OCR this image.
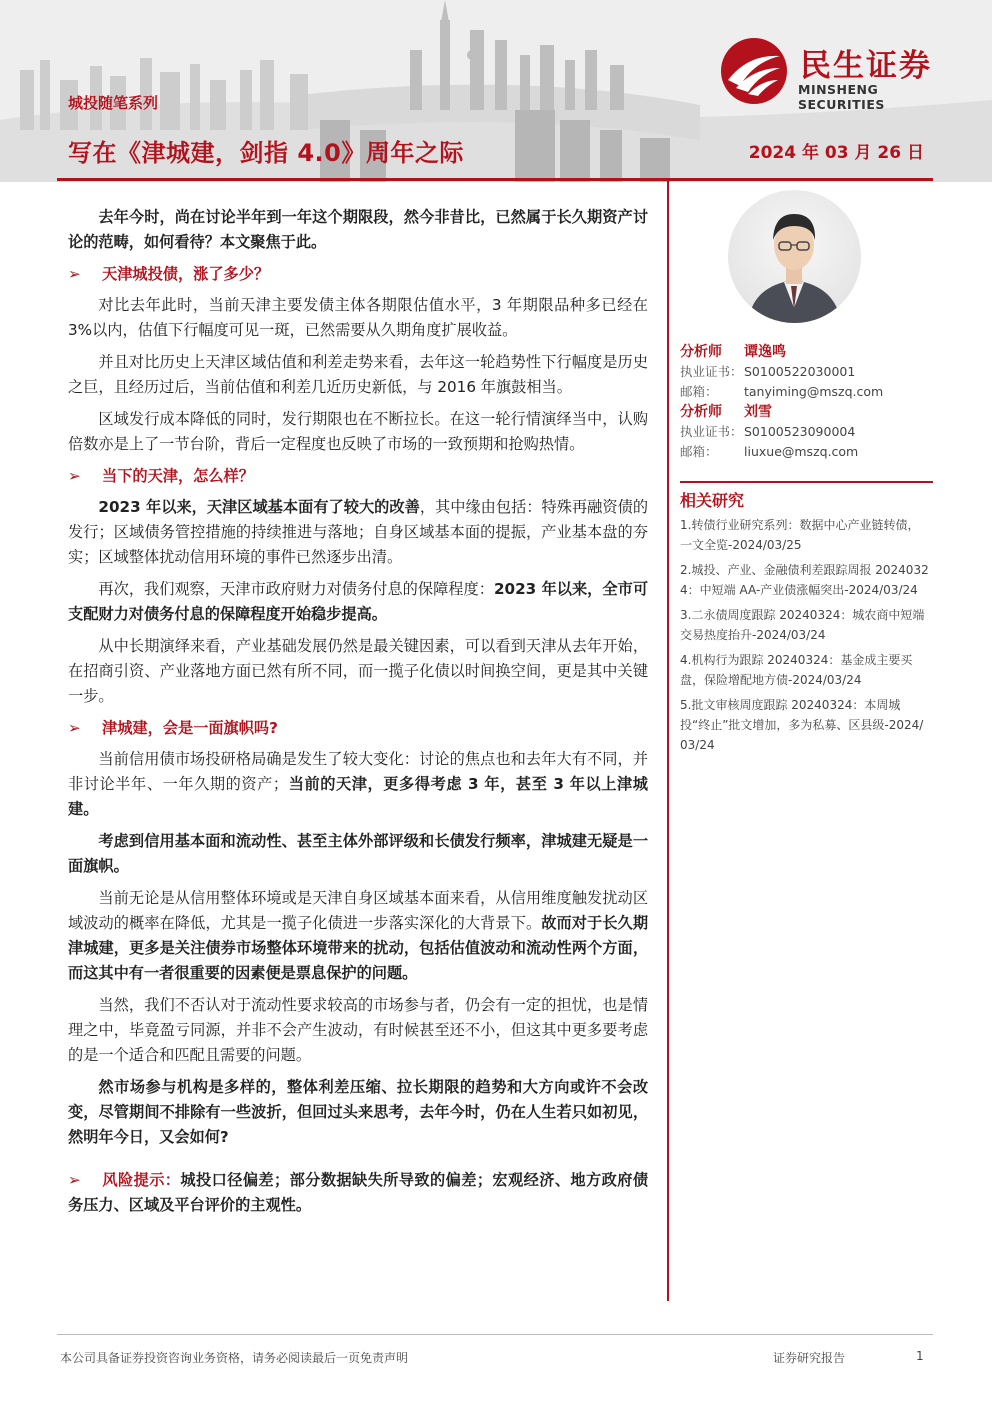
民生证券
MINSHENG SECURITIES
城投随笔系列
写在《津城建，剑指 4.0》周年之际	2024 年 03 月 26 日

去年今时，尚在讨论半年到一年这个期限段，然今非昔比，已然属于长久期资产讨论的范畴，如何看待？本文聚焦于此。

➢ 天津城投债，涨了多少？

对比去年此时，当前天津主要发债主体各期限估值水平，3 年期限品种多已经在 3%以内，估值下行幅度可见一斑，已然需要从久期角度扩展收益。

并且对比历史上天津区域估值和利差走势来看，去年这一轮趋势性下行幅度是历史之巨，且经历过后，当前估值和利差几近历史新低，与 2016 年旗鼓相当。

区域发行成本降低的同时，发行期限也在不断拉长。在这一轮行情演绎当中，认购倍数亦是上了一节台阶，背后一定程度也反映了市场的一致预期和抢购热情。

➢ 当下的天津，怎么样？

2023 年以来，天津区域基本面有了较大的改善，其中缘由包括：特殊再融资债的发行；区域债务管控措施的持续推进与落地；自身区域基本面的提振，产业基本盘的夯实；区域整体扰动信用环境的事件已然逐步出清。

再次，我们观察，天津市政府财力对债务付息的保障程度：2023 年以来，全市可支配财力对债务付息的保障程度开始稳步提高。

从中长期演绎来看，产业基础发展仍然是最关键因素，可以看到天津从去年开始，在招商引资、产业落地方面已然有所不同，而一揽子化债以时间换空间，更是其中关键一步。

➢ 津城建，会是一面旗帜吗?

当前信用债市场投研格局确是发生了较大变化：讨论的焦点也和去年大有不同，并非讨论半年、一年久期的资产；当前的天津，更多得考虑 3 年，甚至 3 年以上津城建。

考虑到信用基本面和流动性、甚至主体外部评级和长债发行频率，津城建无疑是一面旗帜。

当前无论是从信用整体环境或是天津自身区域基本面来看，从信用维度触发扰动区域波动的概率在降低，尤其是一揽子化债进一步落实深化的大背景下。故而对于长久期津城建，更多是关注债券市场整体环境带来的扰动，包括估值波动和流动性两个方面，而这其中有一者很重要的因素便是票息保护的问题。

当然，我们不否认对于流动性要求较高的市场参与者，仍会有一定的担忧，也是情理之中，毕竟盈亏同源，并非不会产生波动，有时候甚至还不小，但这其中更多要考虑的是一个适合和匹配且需要的问题。

然市场参与机构是多样的，整体利差压缩、拉长期限的趋势和大方向或许不会改变，尽管期间不排除有一些波折，但回过头来思考，去年今时，仍在人生若只如初见，然明年今日，又会如何?

➢ 风险提示：城投口径偏差；部分数据缺失所导致的偏差；宏观经济、地方政府债务压力、区域及平台评价的主观性。

分析师 谭逸鸣
执业证书：S0100522030001
邮箱： tanyiming@mszq.com
分析师 刘雪
执业证书：S0100523090004
邮箱： liuxue@mszq.com
相关研究
1.转债行业研究系列：数据中心产业链转债，一文全览-2024/03/25
2.城投、产业、金融债利差跟踪周报 20240324：中短端 AA-产业债涨幅突出-2024/03/24
3.二永债周度跟踪 20240324：城农商中短端交易热度抬升-2024/03/24
4.机构行为跟踪 20240324：基金成主要买盘，保险增配地方债-2024/03/24
5.批文审核周度跟踪 20240324：本周城投“终止”批文增加，多为私募、区县级-2024/03/24
本公司具备证券投资咨询业务资格，请务必阅读最后一页免责声明	证券研究报告	1
